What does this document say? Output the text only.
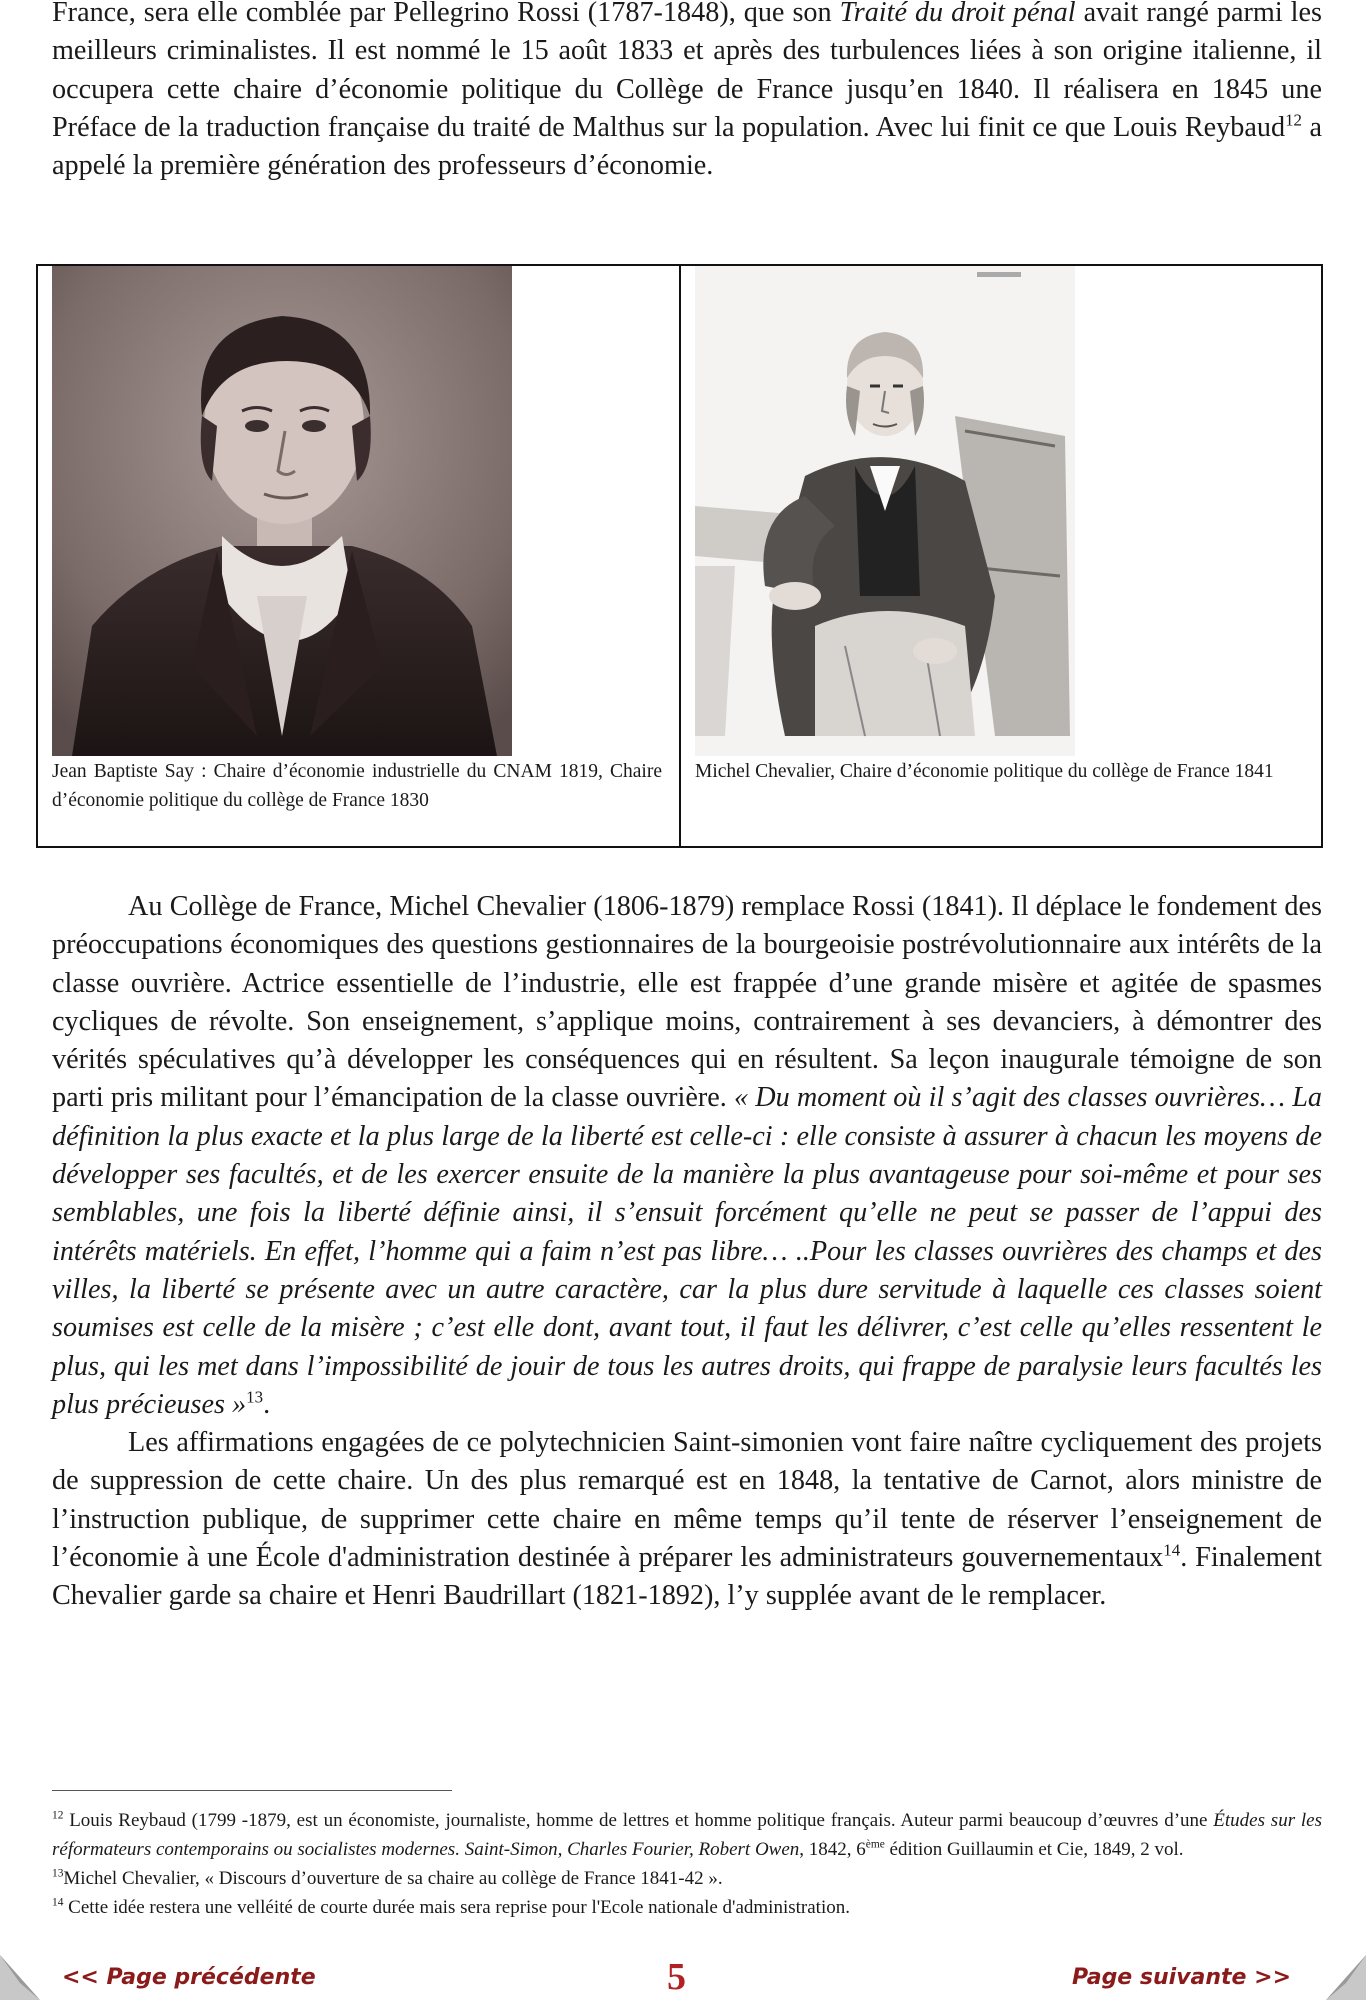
France, sera elle comblée par Pellegrino Rossi (1787-1848), que son Traité du droit pénal avait rangé parmi les meilleurs criminalistes. Il est nommé le 15 août 1833 et après des turbulences liées à son origine italienne, il occupera cette chaire d’économie politique du Collège de France jusqu’en 1840. Il réalisera en 1845 une Préface de la traduction française du traité de Malthus sur la population. Avec lui finit ce que Louis Reybaud$^{12}$ a appelé la première génération des professeurs d’économie.

Jean Baptiste Say : Chaire d’économie industrielle du CNAM 1819, Chaire d’économie politique du collège de France 1830
Michel Chevalier, Chaire d’économie politique du collège de France 1841

Au Collège de France, Michel Chevalier (1806-1879) remplace Rossi (1841). Il déplace le fondement des préoccupations économiques des questions gestionnaires de la bourgeoisie postrévolutionnaire aux intérêts de la classe ouvrière. Actrice essentielle de l’industrie, elle est frappée d’une grande misère et agitée de spasmes cycliques de révolte. Son enseignement, s’applique moins, contrairement à ses devanciers, à démontrer des vérités spéculatives qu’à développer les conséquences qui en résultent. Sa leçon inaugurale témoigne de son parti pris militant pour l’émancipation de la classe ouvrière. « Du moment où il s’agit des classes ouvrières… La définition la plus exacte et la plus large de la liberté est celle-ci : elle consiste à assurer à chacun les moyens de développer ses facultés, et de les exercer ensuite de la manière la plus avantageuse pour soi-même et pour ses semblables, une fois la liberté définie ainsi, il s’ensuit forcément qu’elle ne peut se passer de l’appui des intérêts matériels. En effet, l’homme qui a faim n’est pas libre… ..Pour les classes ouvrières des champs et des villes, la liberté se présente avec un autre caractère, car la plus dure servitude à laquelle ces classes soient soumises est celle de la misère ; c’est elle dont, avant tout, il faut les délivrer, c’est celle qu’elles ressentent le plus, qui les met dans l’impossibilité de jouir de tous les autres droits, qui frappe de paralysie leurs facultés les plus précieuses »$^{13}$.

Les affirmations engagées de ce polytechnicien Saint-simonien vont faire naître cycliquement des projets de suppression de cette chaire. Un des plus remarqué est en 1848, la tentative de Carnot, alors ministre de l’instruction publique, de supprimer cette chaire en même temps qu’il tente de réserver l’enseignement de l’économie à une École d'administration destinée à préparer les administrateurs gouvernementaux$^{14}$. Finalement Chevalier garde sa chaire et Henri Baudrillart (1821-1892), l’y supplée avant de le remplacer.

$^{12}$ Louis Reybaud (1799 -1879, est un économiste, journaliste, homme de lettres et homme politique français. Auteur parmi beaucoup d’œuvres d’une Études sur les réformateurs contemporains ou socialistes modernes. Saint-Simon, Charles Fourier, Robert Owen, 1842, 6ème édition Guillaumin et Cie, 1849, 2 vol.

$^{13}$Michel Chevalier, « Discours d’ouverture de sa chaire au collège de France 1841-42 ».

$^{14}$ Cette idée restera une velléité de courte durée mais sera reprise pour l'Ecole nationale d'administration.

<< Page précédente	5	Page suivante >>
